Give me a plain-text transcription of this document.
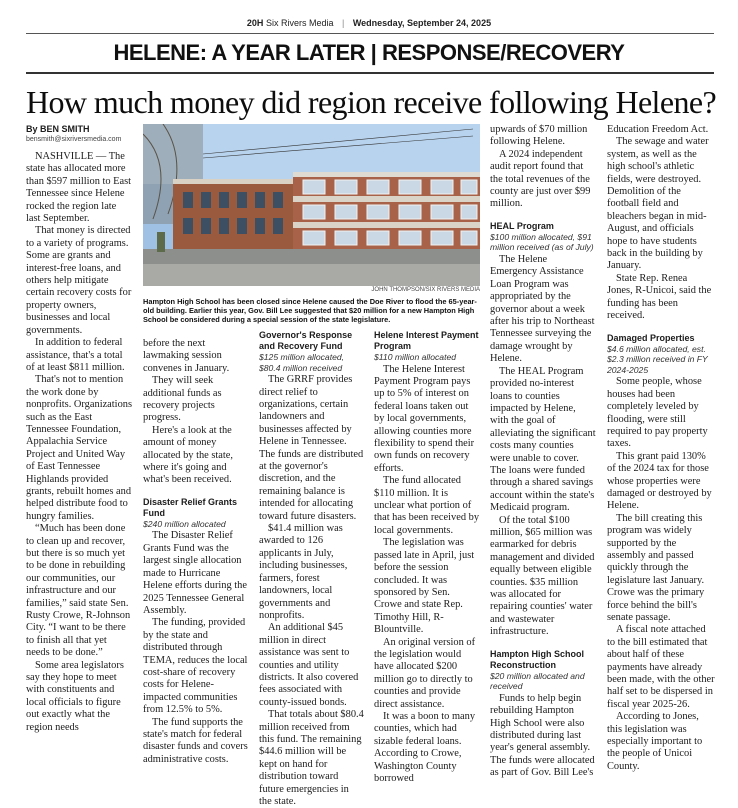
20H Six Rivers Media | Wednesday, September 24, 2025
HELENE: A YEAR LATER | RESPONSE/RECOVERY
How much money did region receive following Helene?
By BEN SMITH
bensmith@sixriversmedia.com

NASHVILLE — The state has allocated more than $597 million to East Tennessee since Helene rocked the region late last September.

That money is directed to a variety of programs. Some are grants and interest-free loans, and others help mitigate certain recovery costs for property owners, businesses and local governments.

In addition to federal assistance, that's a total of at least $811 million.

That's not to mention the work done by nonprofits. Organizations such as the East Tennessee Foundation, Appalachia Service Project and United Way of East Tennessee Highlands provided grants, rebuilt homes and helped distribute food to hungry families.

“Much has been done to clean up and recover, but there is so much yet to be done in rebuilding our communities, our infrastructure and our families,” said state Sen. Rusty Crowe, R-Johnson City. “I want to be there to finish all that yet needs to be done.”

Some area legislators say they hope to meet with constituents and local officials to figure out exactly what the region needs

JOHN THOMPSON/SIX RIVERS MEDIA
Hampton High School has been closed since Helene caused the Doe River to flood the 65-year-old building. Earlier this year, Gov. Bill Lee suggested that $20 million for a new Hampton High School be considered during a special session of the state legislature.

before the next lawmaking session convenes in January.

They will seek additional funds as recovery projects progress.

Here's a look at the amount of money allocated by the state, where it's going and what's been received.

Disaster Relief Grants Fund
$240 million allocated

The Disaster Relief Grants Fund was the largest single allocation made to Hurricane Helene efforts during the 2025 Tennessee General Assembly.

The funding, provided by the state and distributed through TEMA, reduces the local cost-share of recovery costs for Helene-impacted communities from 12.5% to 5%.

The fund supports the state's match for federal disaster funds and covers administrative costs.

Governor's Response and Recovery Fund
$125 million allocated, $80.4 million received

The GRRF provides direct relief to organizations, certain landowners and businesses affected by Helene in Tennessee. The funds are distributed at the governor's discretion, and the remaining balance is intended for allocating toward future disasters.

$41.4 million was awarded to 126 applicants in July, including businesses, farmers, forest landowners, local governments and nonprofits.

An additional $45 million in direct assistance was sent to counties and utility districts. It also covered fees associated with county-issued bonds.

That totals about $80.4 million received from this fund. The remaining $44.6 million will be kept on hand for distribution toward future emergencies in the state.

Helene Interest Payment Program
$110 million allocated

The Helene Interest Payment Program pays up to 5% of interest on federal loans taken out by local governments, allowing counties more flexibility to spend their own funds on recovery efforts.

The fund allocated $110 million. It is unclear what portion of that has been received by local governments.

The legislation was passed late in April, just before the session concluded. It was sponsored by Sen. Crowe and state Rep. Timothy Hill, R-Blountville.

An original version of the legislation would have allocated $200 million go to directly to counties and provide direct assistance.

It was a boon to many counties, which had sizable federal loans. According to Crowe, Washington County borrowed

upwards of $70 million following Helene.

A 2024 independent audit report found that the total revenues of the county are just over $99 million.

HEAL Program
$100 million allocated, $91 million received (as of July)

The Helene Emergency Assistance Loan Program was appropriated by the governor about a week after his trip to Northeast Tennessee surveying the damage wrought by Helene.

The HEAL Program provided no-interest loans to counties impacted by Helene, with the goal of alleviating the significant costs many counties were unable to cover. The loans were funded through a shared savings account within the state's Medicaid program.

Of the total $100 million, $65 million was earmarked for debris management and divided equally between eligible counties. $35 million was allocated for repairing counties' water and wastewater infrastructure.

Hampton High School Reconstruction
$20 million allocated and received

Funds to help begin rebuilding Hampton High School were also distributed during last year's general assembly. The funds were allocated as part of Gov. Bill Lee's

Education Freedom Act.

The sewage and water system, as well as the high school's athletic fields, were destroyed. Demolition of the football field and bleachers began in mid-August, and officials hope to have students back in the building by January.

State Rep. Renea Jones, R-Unicoi, said the funding has been received.

Damaged Properties
$4.6 million allocated, est. $2.3 million received in FY 2024-2025

Some people, whose houses had been completely leveled by flooding, were still required to pay property taxes.

This grant paid 130% of the 2024 tax for those whose properties were damaged or destroyed by Helene.

The bill creating this program was widely supported by the assembly and passed quickly through the legislature last January. Crowe was the primary force behind the bill's senate passage.

A fiscal note attached to the bill estimated that about half of these payments have already been made, with the other half set to be dispersed in fiscal year 2025-26.

According to Jones, this legislation was especially important to the people of Unicoi County.
